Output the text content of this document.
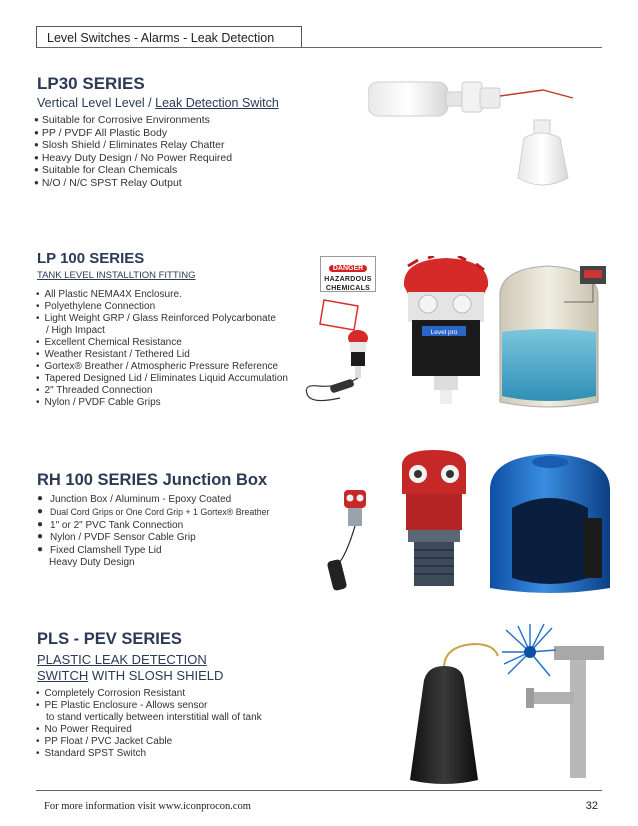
Level Switches - Alarms - Leak Detection
LP30 SERIES
Vertical Level Level / Leak Detection Switch
● Suitable for Corrosive Environments
● PP / PVDF All Plastic Body
● Slosh Shield / Eliminates Relay Chatter
● Heavy Duty Design / No Power Required
● Suitable for Clean Chemicals
● N/O / N/C SPST Relay Output
LP 100 SERIES
TANK LEVEL INSTALLTION FITTING
• All Plastic NEMA4X Enclosure.
• Polyethylene Connection
• Light Weight GRP / Glass Reinforced Polycarbonate
/ High Impact
• Excellent Chemical Resistance
• Weather Resistant / Tethered Lid
• Gortex® Breather / Atmospheric Pressure Reference
• Tapered Designed Lid / Eliminates Liquid Accumulation
• 2" Threaded Connection
• Nylon / PVDF Cable Grips
DANGER
HAZARDOUS
CHEMICALS
Level pro
RH 100 SERIES Junction Box
● Junction Box / Aluminum - Epoxy Coated
● Dual Cord Grips or One Cord Grip + 1 Gortex® Breather
● 1" or 2" PVC Tank Connection
● Nylon / PVDF Sensor Cable Grip
● Fixed Clamshell Type Lid
Heavy Duty Design
PLS - PEV SERIES
PLASTIC LEAK DETECTION
SWITCH WITH SLOSH SHIELD
• Completely Corrosion Resistant
• PE Plastic Enclosure - Allows sensor
to stand vertically between interstitial wall of tank
• No Power Required
• PP Float / PVC Jacket Cable
• Standard SPST Switch
For more information visit www.iconprocon.com	32
